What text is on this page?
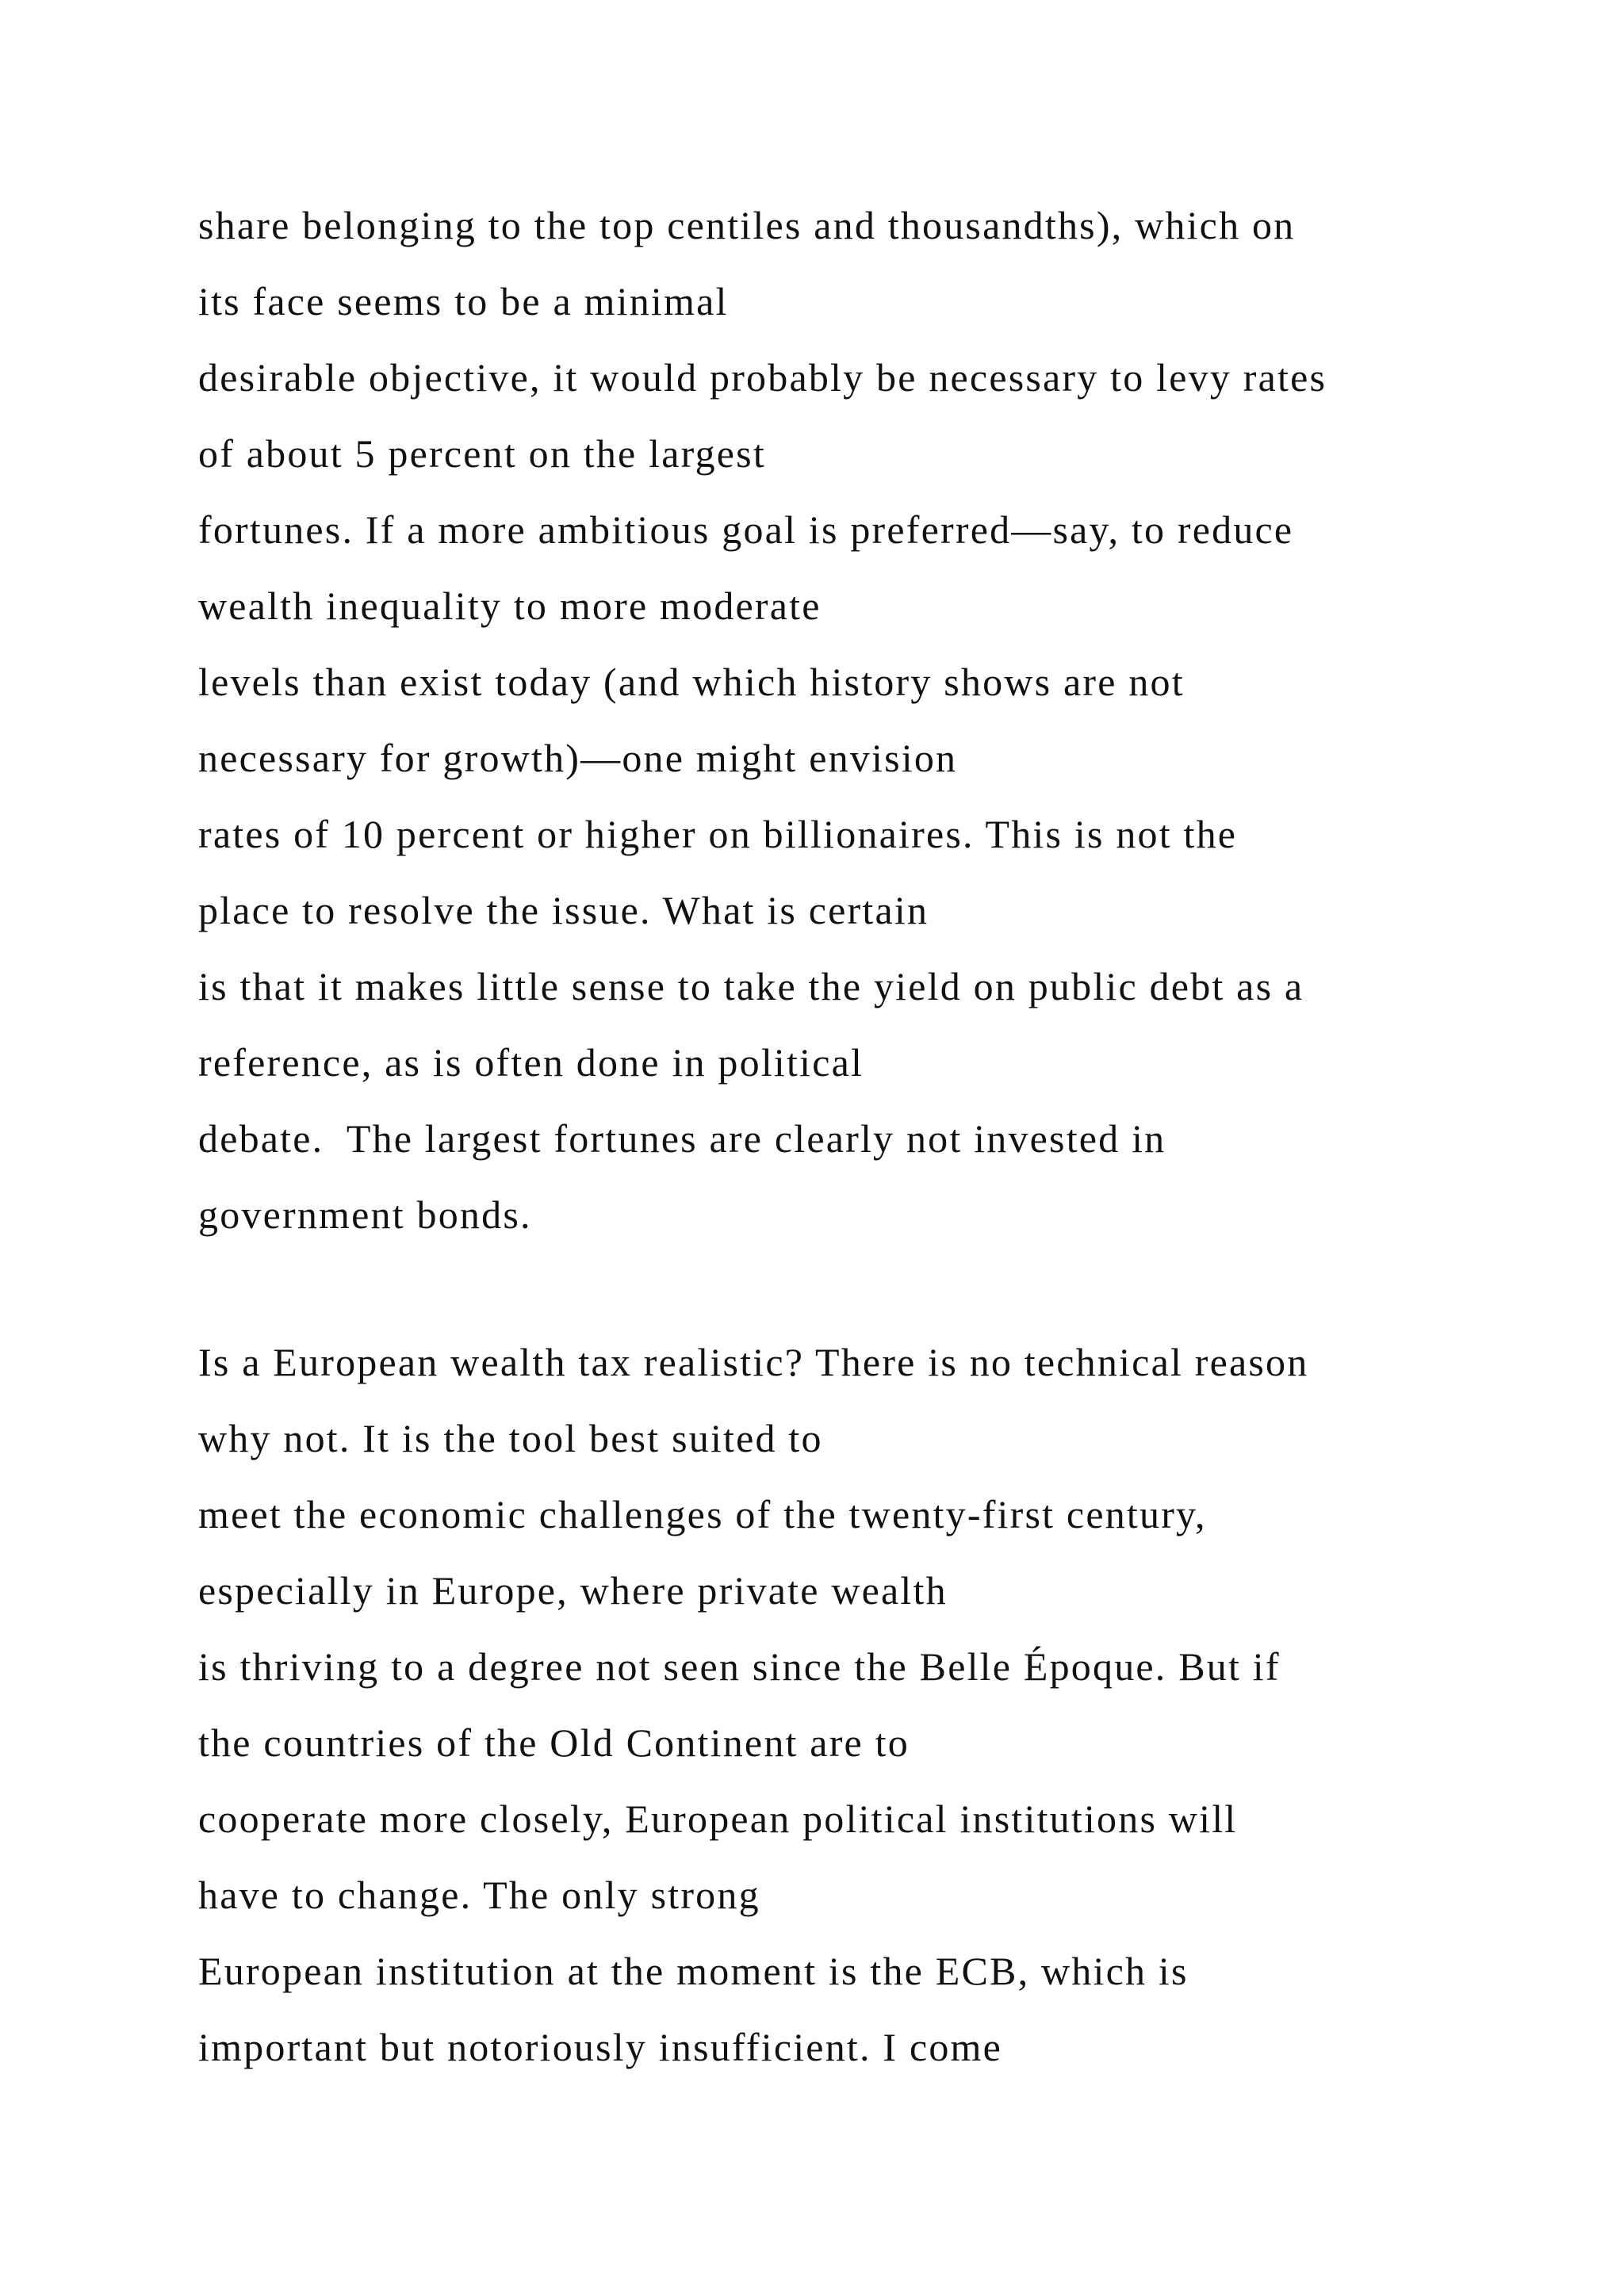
share belonging to the top centiles and thousandths), which on
its face seems to be a minimal
desirable objective, it would probably be necessary to levy rates
of about 5 percent on the largest
fortunes. If a more ambitious goal is preferred—say, to reduce
wealth inequality to more moderate
levels than exist today (and which history shows are not
necessary for growth)—one might envision
rates of 10 percent or higher on billionaires. This is not the
place to resolve the issue. What is certain
is that it makes little sense to take the yield on public debt as a
reference, as is often done in political
debate.  The largest fortunes are clearly not invested in
government bonds.
Is a European wealth tax realistic? There is no technical reason
why not. It is the tool best suited to
meet the economic challenges of the twenty-first century,
especially in Europe, where private wealth
is thriving to a degree not seen since the Belle Époque. But if
the countries of the Old Continent are to
cooperate more closely, European political institutions will
have to change. The only strong
European institution at the moment is the ECB, which is
important but notoriously insufficient. I come
